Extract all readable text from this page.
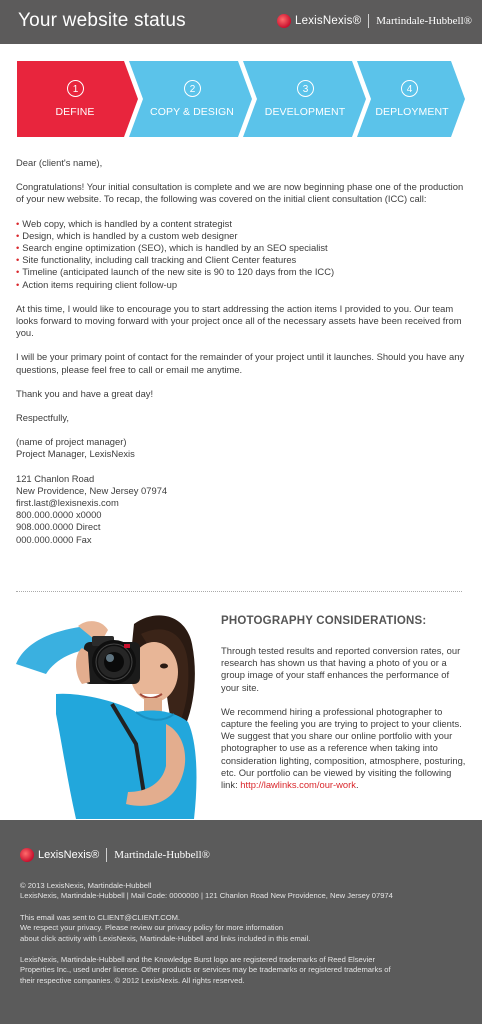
Your website status	LexisNexis® Martindale-Hubbell®
1
DEFINE
2
COPY & DESIGN
3
DEVELOPMENT
4
DEPLOYMENT

Dear (client's name),

Congratulations! Your initial consultation is complete and we are now beginning phase one of the production of your new website. To recap, the following was covered on the initial client consultation (ICC) call:

• Web copy, which is handled by a content strategist
• Design, which is handled by a custom web designer
• Search engine optimization (SEO), which is handled by an SEO specialist
• Site functionality, including call tracking and Client Center features
• Timeline (anticipated launch of the new site is 90 to 120 days from the ICC)
• Action items requiring client follow-up

At this time, I would like to encourage you to start addressing the action items I provided to you. Our team looks forward to moving forward with your project once all of the necessary assets have been received from you.

I will be your primary point of contact for the remainder of your project until it launches. Should you have any questions, please feel free to call or email me anytime.

Thank you and have a great day!

Respectfully,

(name of project manager)
Project Manager, LexisNexis
121 Chanlon Road
New Providence, New Jersey 07974
first.last@lexisnexis.com
800.000.0000 x0000
908.000.0000 Direct
000.000.0000 Fax
PHOTOGRAPHY CONSIDERATIONS:

Through tested results and reported conversion rates, our research has shown us that having a photo of you or a group image of your staff enhances the performance of your site.

We recommend hiring a professional photographer to capture the feeling you are trying to project to your clients. We suggest that you share our online portfolio with your photographer to use as a reference when taking into consideration lighting, composition, atmosphere, posturing, etc. Our portfolio can be viewed by visiting the following link: http://lawlinks.com/our-work.

LexisNexis® Martindale-Hubbell®
© 2013 LexisNexis, Martindale-Hubbell
LexisNexis, Martindale-Hubbell | Mail Code: 0000000 | 121 Chanlon Road New Providence, New Jersey 07974
This email was sent to CLIENT@CLIENT.COM.
We respect your privacy. Please review our privacy policy for more information
about click activity with LexisNexis, Martindale-Hubbell and links included in this email.
LexisNexis, Martindale-Hubbell and the Knowledge Burst logo are registered trademarks of Reed Elsevier
Properties Inc., used under license. Other products or services may be trademarks or registered trademarks of
their respective companies. © 2012 LexisNexis. All rights reserved.
